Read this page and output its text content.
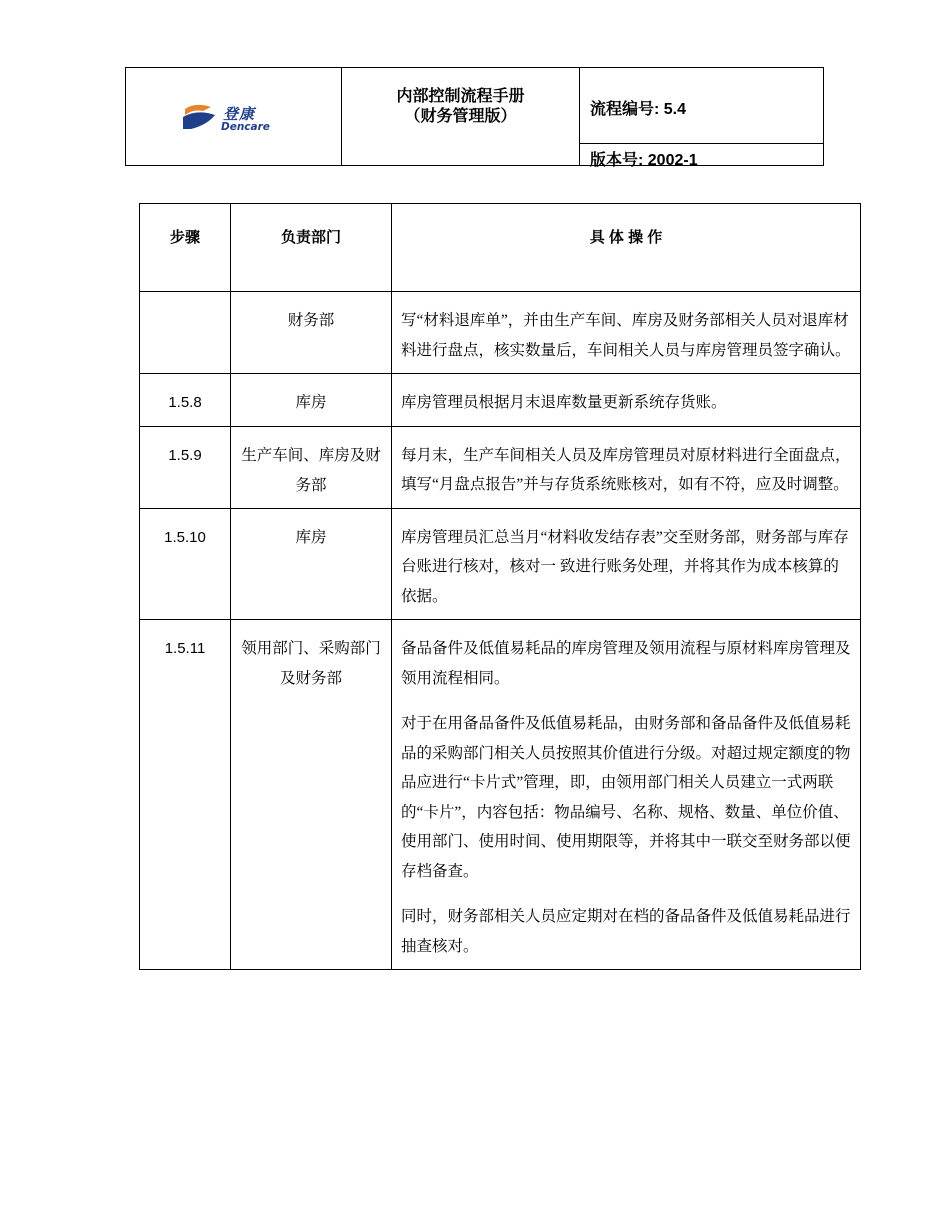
登康
Dencare
内部控制流程手册
（财务管理版）	流程编号: 5.4
版本号: 2002-1
步骤	负责部门	具 体 操 作
	财务部	写“材料退库单”，并由生产车间、库房及财务部相关人员对退库材料进行盘点，核实数量后，车间相关人员与库房管理员签字确认。

1.5.8	库房	库房管理员根据月末退库数量更新系统存货账。

1.5.9	生产车间、库房及财务部	每月末，生产车间相关人员及库房管理员对原材料进行全面盘点，填写“月盘点报告”并与存货系统账核对，如有不符，应及时调整。

1.5.10	库房	库房管理员汇总当月“材料收发结存表”交至财务部，财务部与库存台账进行核对，核对一 致进行账务处理，并将其作为成本核算的依据。

1.5.11	领用部门、采购部门及财务部	备品备件及低值易耗品的库房管理及领用流程与原材料库房管理及领用流程相同。

对于在用备品备件及低值易耗品，由财务部和备品备件及低值易耗品的采购部门相关人员按照其价值进行分级。对超过规定额度的物品应进行“卡片式”管理，即，由领用部门相关人员建立一式两联的“卡片”，内容包括：物品编号、名称、规格、数量、单位价值、使用部门、使用时间、使用期限等，并将其中一联交至财务部以便存档备查。

同时，财务部相关人员应定期对在档的备品备件及低值易耗品进行抽查核对。
